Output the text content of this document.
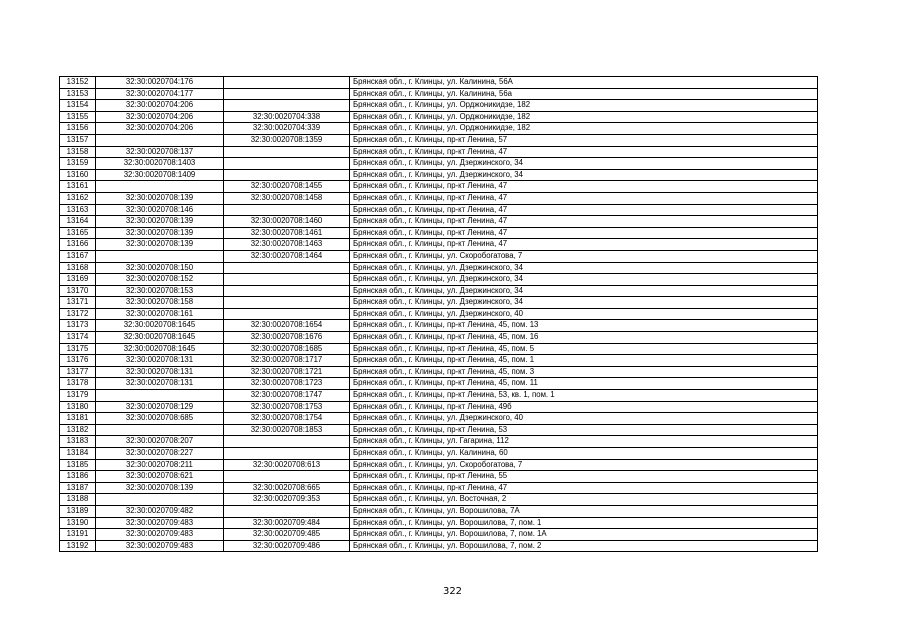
13152	32:30:0020704:176		Брянская обл., г. Клинцы, ул. Калинина, 56А
13153	32:30:0020704:177		Брянская обл., г. Клинцы, ул. Калинина, 56а
13154	32:30:0020704:206		Брянская обл., г. Клинцы, ул. Орджоникидзе, 182
13155	32:30:0020704:206	32:30:0020704:338	Брянская обл., г. Клинцы, ул. Орджоникидзе, 182
13156	32:30:0020704:206	32:30:0020704:339	Брянская обл., г. Клинцы, ул. Орджоникидзе, 182
13157		32:30:0020708:1359	Брянская обл., г. Клинцы, пр-кт Ленина, 57
13158	32:30:0020708:137		Брянская обл., г. Клинцы, пр-кт Ленина, 47
13159	32:30:0020708:1403		Брянская обл., г. Клинцы, ул. Дзержинского, 34
13160	32:30:0020708:1409		Брянская обл., г. Клинцы, ул. Дзержинского, 34
13161		32:30:0020708:1455	Брянская обл., г. Клинцы, пр-кт Ленина, 47
13162	32:30:0020708:139	32:30:0020708:1458	Брянская обл., г. Клинцы, пр-кт Ленина, 47
13163	32:30:0020708:146		Брянская обл., г. Клинцы, пр-кт Ленина, 47
13164	32:30:0020708:139	32:30:0020708:1460	Брянская обл., г. Клинцы, пр-кт Ленина, 47
13165	32:30:0020708:139	32:30:0020708:1461	Брянская обл., г. Клинцы, пр-кт Ленина, 47
13166	32:30:0020708:139	32:30:0020708:1463	Брянская обл., г. Клинцы, пр-кт Ленина, 47
13167		32:30:0020708:1464	Брянская обл., г. Клинцы, ул. Скоробогатова, 7
13168	32:30:0020708:150		Брянская обл., г. Клинцы, ул. Дзержинского, 34
13169	32:30:0020708:152		Брянская обл., г. Клинцы, ул. Дзержинского, 34
13170	32:30:0020708:153		Брянская обл., г. Клинцы, ул. Дзержинского, 34
13171	32:30:0020708:158		Брянская обл., г. Клинцы, ул. Дзержинского, 34
13172	32:30:0020708:161		Брянская обл., г. Клинцы, ул. Дзержинского, 40
13173	32:30:0020708:1645	32:30:0020708:1654	Брянская обл., г. Клинцы, пр-кт Ленина, 45, пом. 13
13174	32:30:0020708:1645	32:30:0020708:1676	Брянская обл., г. Клинцы, пр-кт Ленина, 45, пом. 16
13175	32:30:0020708:1645	32:30:0020708:1685	Брянская обл., г. Клинцы, пр-кт Ленина, 45, пом. 5
13176	32:30:0020708:131	32:30:0020708:1717	Брянская обл., г. Клинцы, пр-кт Ленина, 45, пом. 1
13177	32:30:0020708:131	32:30:0020708:1721	Брянская обл., г. Клинцы, пр-кт Ленина, 45, пом. 3
13178	32:30:0020708:131	32:30:0020708:1723	Брянская обл., г. Клинцы, пр-кт Ленина, 45, пом. 11
13179		32:30:0020708:1747	Брянская обл., г. Клинцы, пр-кт Ленина, 53, кв. 1, пом. 1
13180	32:30:0020708:129	32:30:0020708:1753	Брянская обл., г. Клинцы, пр-кт Ленина, 49б
13181	32:30:0020708:685	32:30:0020708:1754	Брянская обл., г. Клинцы, ул. Дзержинского, 40
13182		32:30:0020708:1853	Брянская обл., г. Клинцы, пр-кт Ленина, 53
13183	32:30:0020708:207		Брянская обл., г. Клинцы, ул. Гагарина, 112
13184	32:30:0020708:227		Брянская обл., г. Клинцы, ул. Калинина, 60
13185	32:30:0020708:211	32:30:0020708:613	Брянская обл., г. Клинцы, ул. Скоробогатова, 7
13186	32:30:0020708:621		Брянская обл., г. Клинцы, пр-кт Ленина, 55
13187	32:30:0020708:139	32:30:0020708:665	Брянская обл., г. Клинцы, пр-кт Ленина, 47
13188		32:30:0020709:353	Брянская обл., г. Клинцы, ул. Восточная, 2
13189	32:30:0020709:482		Брянская обл., г. Клинцы, ул. Ворошилова, 7А
13190	32:30:0020709:483	32:30:0020709:484	Брянская обл., г. Клинцы, ул. Ворошилова, 7, пом. 1
13191	32:30:0020709:483	32:30:0020709:485	Брянская обл., г. Клинцы, ул. Ворошилова, 7, пом. 1А
13192	32:30:0020709:483	32:30:0020709:486	Брянская обл., г. Клинцы, ул. Ворошилова, 7, пом. 2
322
